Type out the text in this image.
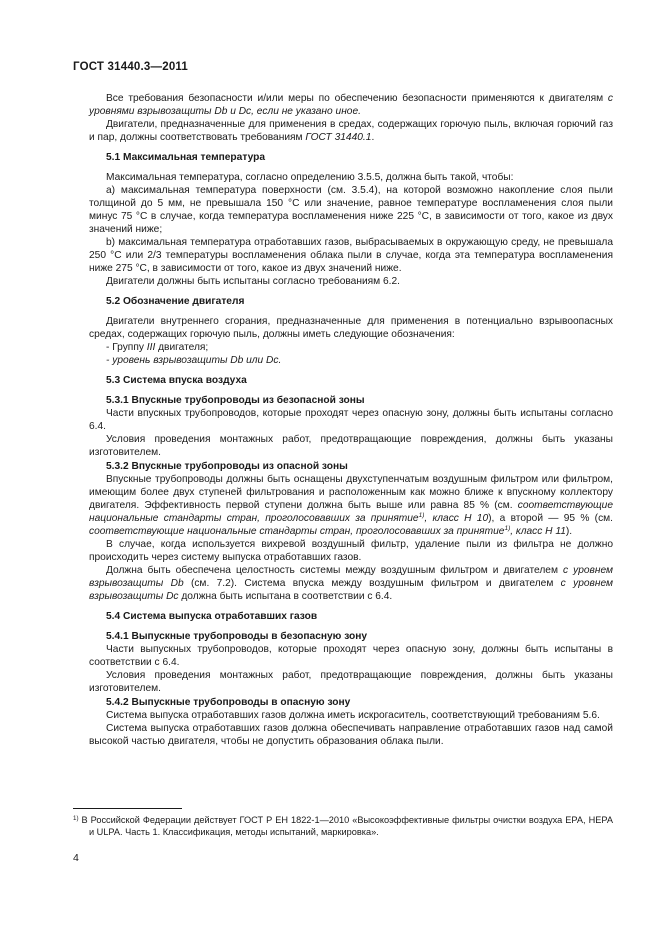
ГОСТ 31440.3—2011

Все требования безопасности и/или меры по обеспечению безопасности применяются к двигателям с уровнями взрывозащиты Db и Dc, если не указано иное.

Двигатели, предназначенные для применения в средах, содержащих горючую пыль, включая горючий газ и пар, должны соответствовать требованиям ГОСТ 31440.1.

5.1 Максимальная температура

Максимальная температура, согласно определению 3.5.5, должна быть такой, чтобы:

а) максимальная температура поверхности (см. 3.5.4), на которой возможно накопление слоя пыли толщиной до 5 мм, не превышала 150 °С или значение, равное температуре воспламенения слоя пыли минус 75 °С в случае, когда температура воспламенения ниже 225 °С, в зависимости от того, какое из двух значений ниже;

b) максимальная температура отработавших газов, выбрасываемых в окружающую среду, не превышала 250 °С или 2/3 температуры воспламенения облака пыли в случае, когда эта температура воспламенения ниже 275 °С, в зависимости от того, какое из двух значений ниже.

Двигатели должны быть испытаны согласно требованиям 6.2.

5.2 Обозначение двигателя

Двигатели внутреннего сгорания, предназначенные для применения в потенциально взрывоопасных средах, содержащих горючую пыль, должны иметь следующие обозначения:

- Группу III двигателя;

- уровень взрывозащиты Db или Dc.

5.3 Система впуска воздуха

5.3.1 Впускные трубопроводы из безопасной зоны

Части впускных трубопроводов, которые проходят через опасную зону, должны быть испытаны согласно 6.4.

Условия проведения монтажных работ, предотвращающие повреждения, должны быть указаны изготовителем.

5.3.2 Впускные трубопроводы из опасной зоны

Впускные трубопроводы должны быть оснащены двухступенчатым воздушным фильтром или фильтром, имеющим более двух ступеней фильтрования и расположенным как можно ближе к впускному коллектору двигателя. Эффективность первой ступени должна быть выше или равна 85 % (см. соответствующие национальные стандарты стран, проголосовавших за принятие$^{1)}$, класс Н 10), а второй — 95 % (см. соответствующие национальные стандарты стран, проголосовавших за принятие$^{1)}$, класс Н 11).

В случае, когда используется вихревой воздушный фильтр, удаление пыли из фильтра не должно происходить через систему выпуска отработавших газов.

Должна быть обеспечена целостность системы между воздушным фильтром и двигателем с уровнем взрывозащиты Db (см. 7.2). Система впуска между воздушным фильтром и двигателем с уровнем взрывозащиты Dc должна быть испытана в соответствии с 6.4.

5.4 Система выпуска отработавших газов

5.4.1 Выпускные трубопроводы в безопасную зону

Части выпускных трубопроводов, которые проходят через опасную зону, должны быть испытаны в соответствии с 6.4.

Условия проведения монтажных работ, предотвращающие повреждения, должны быть указаны изготовителем.

5.4.2 Выпускные трубопроводы в опасную зону

Система выпуска отработавших газов должна иметь искрогаситель, соответствующий требованиям 5.6.

Система выпуска отработавших газов должна обеспечивать направление отработавших газов над самой высокой частью двигателя, чтобы не допустить образования облака пыли.

$^{1)}$ В Российской Федерации действует ГОСТ Р ЕН 1822-1—2010 «Высокоэффективные фильтры очистки воздуха ЕРА, НЕРА и ULPA. Часть 1. Классификация, методы испытаний, маркировка».
4
